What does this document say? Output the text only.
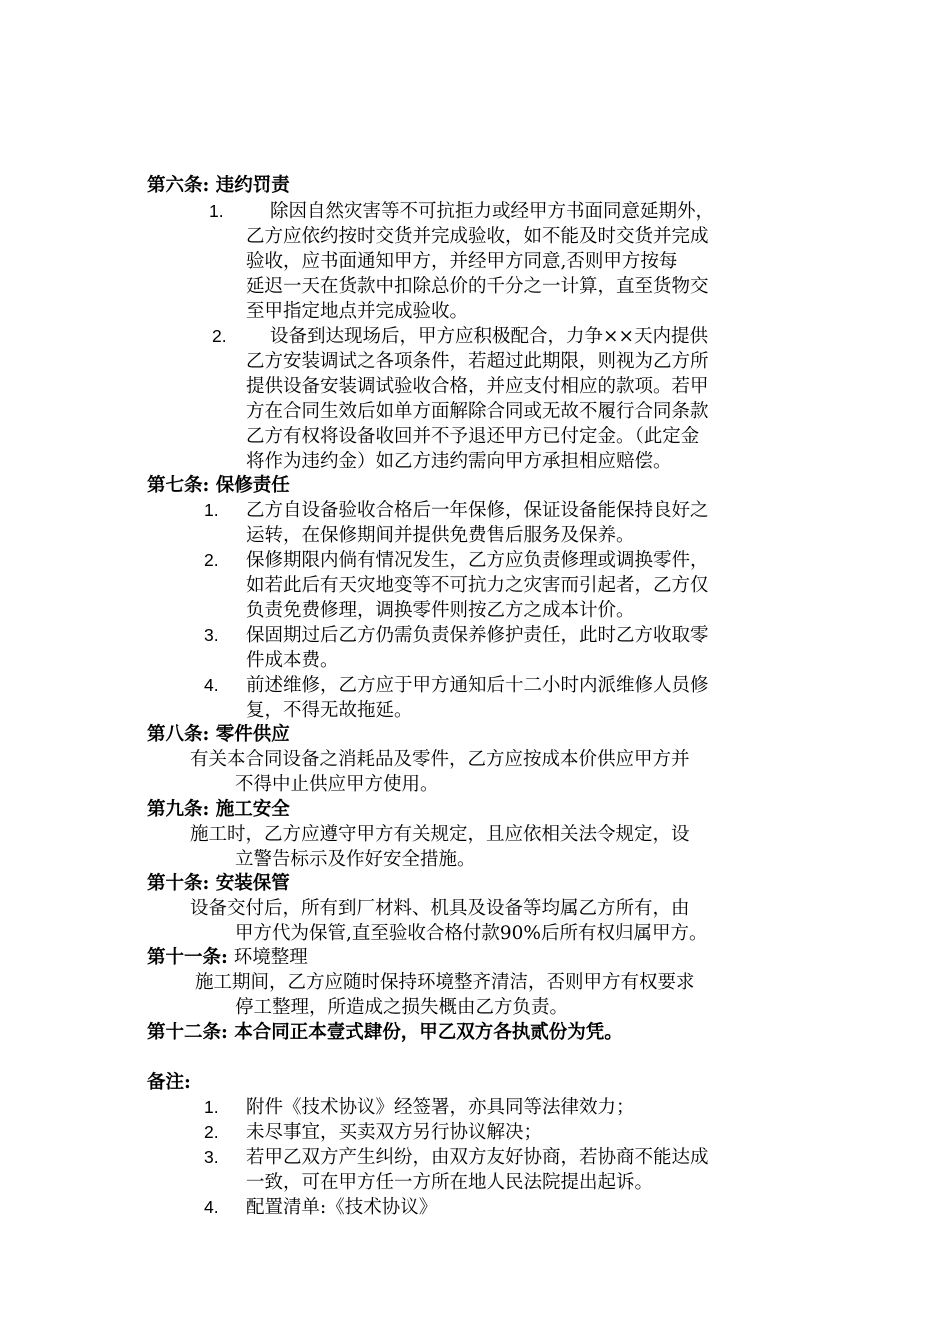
第六条: 违约罚责
1.	除因自然灾害等不可抗拒力或经甲方书面同意延期外，
乙方应依约按时交货并完成验收，如不能及时交货并完成
验收，应书面通知甲方，并经甲方同意,否则甲方按每
延迟一天在货款中扣除总价的千分之一计算，直至货物交
至甲指定地点并完成验收。
2. 设备到达现场后，甲方应积极配合，力争××天内提供
乙方安装调试之各项条件，若超过此期限，则视为乙方所
提供设备安装调试验收合格，并应支付相应的款项。若甲
方在合同生效后如单方面解除合同或无故不履行合同条款
乙方有权将设备收回并不予退还甲方已付定金。（此定金
将作为违约金）如乙方违约需向甲方承担相应赔偿。
第七条: 保修责任
1. 乙方自设备验收合格后一年保修，保证设备能保持良好之
运转，在保修期间并提供免费售后服务及保养。
2. 保修期限内倘有情况发生，乙方应负责修理或调换零件，
如若此后有天灾地变等不可抗力之灾害而引起者，乙方仅
负责免费修理，调换零件则按乙方之成本计价。
3. 保固期过后乙方仍需负责保养修护责任，此时乙方收取零
件成本费。
4. 前述维修，乙方应于甲方通知后十二小时内派维修人员修
复，不得无故拖延。
第八条: 零件供应
有关本合同设备之消耗品及零件，乙方应按成本价供应甲方并
不得中止供应甲方使用。
第九条: 施工安全
施工时，乙方应遵守甲方有关规定，且应依相关法令规定，设
立警告标示及作好安全措施。
第十条: 安装保管
设备交付后，所有到厂材料、机具及设备等均属乙方所有，由
甲方代为保管,直至验收合格付款90%后所有权归属甲方。
第十一条: 环境整理
施工期间，乙方应随时保持环境整齐清洁，否则甲方有权要求
停工整理，所造成之损失概由乙方负责。
第十二条: 本合同正本壹式肆份，甲乙双方各执贰份为凭。
备注:
1. 附件《技术协议》经签署，亦具同等法律效力；
2. 未尽事宜，买卖双方另行协议解决；
3. 若甲乙双方产生纠纷，由双方友好协商，若协商不能达成
一致，可在甲方任一方所在地人民法院提出起诉。
4. 配置清单:《技术协议》
